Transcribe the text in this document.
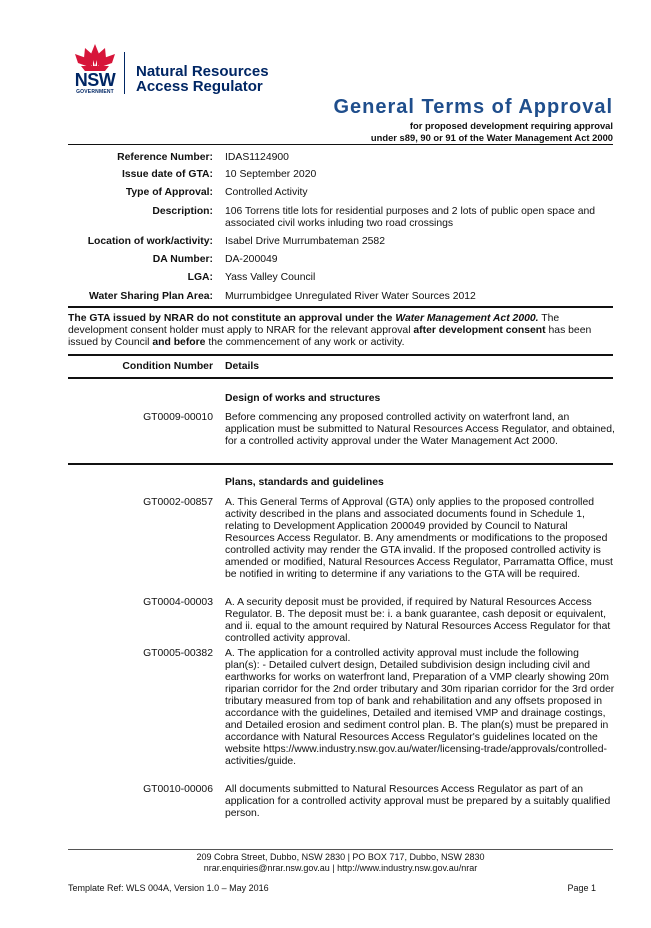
NSW
GOVERNMENT
Natural Resources
Access Regulator
General Terms of Approval
for proposed development requiring approval
under s89, 90 or 91 of the Water Management Act 2000
Reference Number: IDAS1124900
Issue date of GTA: 10 September 2020
Type of Approval: Controlled Activity
Description: 106 Torrens title lots for residential purposes and 2 lots of public open space and associated civil works inluding two road crossings
Location of work/activity: Isabel Drive Murrumbateman 2582
DA Number: DA-200049
LGA: Yass Valley Council
Water Sharing Plan Area: Murrumbidgee Unregulated River Water Sources 2012
The GTA issued by NRAR do not constitute an approval under the Water Management Act 2000. The development consent holder must apply to NRAR for the relevant approval after development consent has been issued by Council and before the commencement of any work or activity.
Condition Number Details
Design of works and structures
GT0009-00010 Before commencing any proposed controlled activity on waterfront land, an application must be submitted to Natural Resources Access Regulator, and obtained, for a controlled activity approval under the Water Management Act 2000.
Plans, standards and guidelines
GT0002-00857 A. This General Terms of Approval (GTA) only applies to the proposed controlled activity described in the plans and associated documents found in Schedule 1, relating to Development Application 200049 provided by Council to Natural Resources Access Regulator. B. Any amendments or modifications to the proposed controlled activity may render the GTA invalid. If the proposed controlled activity is amended or modified, Natural Resources Access Regulator, Parramatta Office, must be notified in writing to determine if any variations to the GTA will be required.
GT0004-00003 A. A security deposit must be provided, if required by Natural Resources Access Regulator. B. The deposit must be: i. a bank guarantee, cash deposit or equivalent, and ii. equal to the amount required by Natural Resources Access Regulator for that controlled activity approval.
GT0005-00382 A. The application for a controlled activity approval must include the following plan(s): - Detailed culvert design, Detailed subdivision design including civil and earthworks for works on waterfront land, Preparation of a VMP clearly showing 20m riparian corridor for the 2nd order tributary and 30m riparian corridor for the 3rd order tributary measured from top of bank and rehabilitation and any offsets proposed in accordance with the guidelines, Detailed and itemised VMP and drainage costings, and Detailed erosion and sediment control plan. B. The plan(s) must be prepared in accordance with Natural Resources Access Regulator's guidelines located on the website https://www.industry.nsw.gov.au/water/licensing-trade/approvals/controlled-activities/guide.
GT0010-00006 All documents submitted to Natural Resources Access Regulator as part of an application for a controlled activity approval must be prepared by a suitably qualified person.
209 Cobra Street, Dubbo, NSW 2830 | PO BOX 717, Dubbo, NSW 2830
nrar.enquiries@nrar.nsw.gov.au | http://www.industry.nsw.gov.au/nrar
Template Ref: WLS 004A, Version 1.0 – May 2016	Page 1
